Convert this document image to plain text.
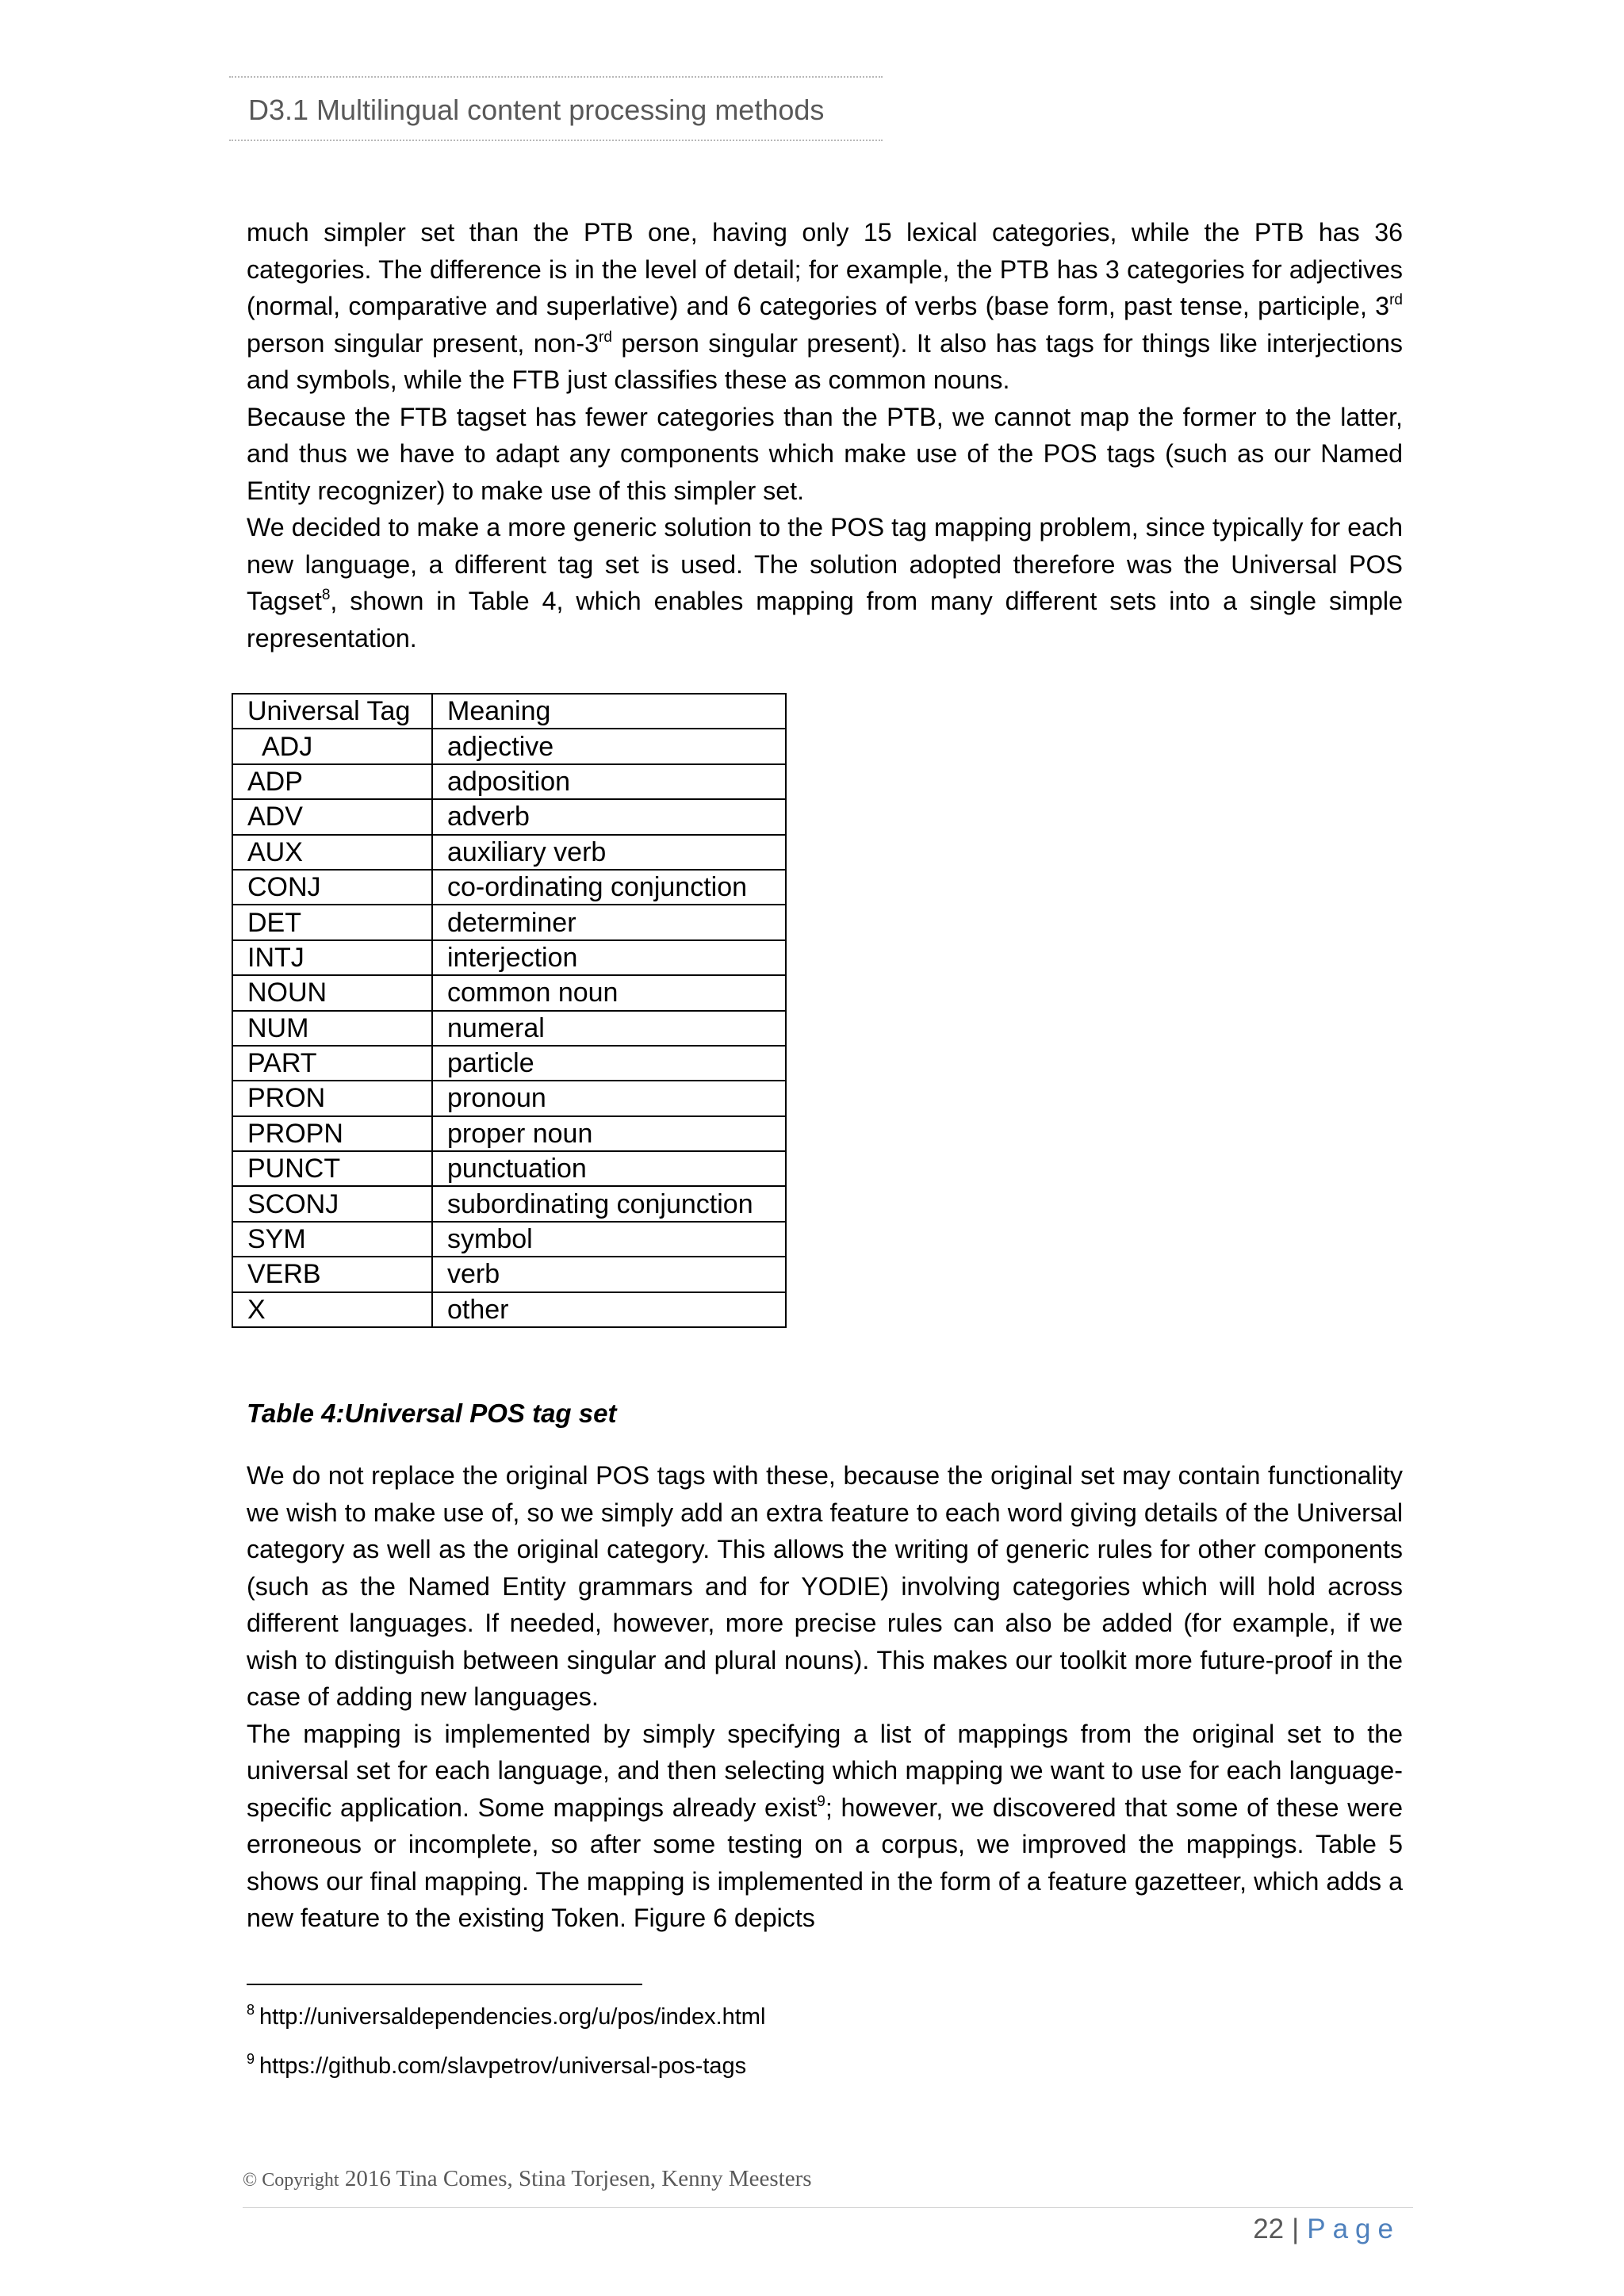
D3.1 Multilingual content processing methods

much simpler set than the PTB one, having only 15 lexical categories, while the PTB has 36 categories. The difference is in the level of detail; for example, the PTB has 3 categories for adjectives (normal, comparative and superlative) and 6 categories of verbs (base form, past tense, participle, 3rd person singular present, non-3rd person singular present). It also has tags for things like interjections and symbols, while the FTB just classifies these as common nouns.

Because the FTB tagset has fewer categories than the PTB, we cannot map the former to the latter, and thus we have to adapt any components which make use of the POS tags (such as our Named Entity recognizer) to make use of this simpler set.

We decided to make a more generic solution to the POS tag mapping problem, since typically for each new language, a different tag set is used. The solution adopted therefore was the Universal POS Tagset$^8$, shown in Table 4, which enables mapping from many different sets into a single simple representation.

Universal Tag	Meaning
ADJ	adjective
ADP	adposition
ADV	adverb
AUX	auxiliary verb
CONJ	co-ordinating conjunction
DET	determiner
INTJ	interjection
NOUN	common noun
NUM	numeral
PART	particle
PRON	pronoun
PROPN	proper noun
PUNCT	punctuation
SCONJ	subordinating conjunction
SYM	symbol
VERB	verb
X	other
Table 4:Universal POS tag set

We do not replace the original POS tags with these, because the original set may contain functionality we wish to make use of, so we simply add an extra feature to each word giving details of the Universal category as well as the original category. This allows the writing of generic rules for other components (such as the Named Entity grammars and for YODIE) involving categories which will hold across different languages. If needed, however, more precise rules can also be added (for example, if we wish to distinguish between singular and plural nouns). This makes our toolkit more future-proof in the case of adding new languages.

The mapping is implemented by simply specifying a list of mappings from the original set to the universal set for each language, and then selecting which mapping we want to use for each language-specific application. Some mappings already exist$^9$; however, we discovered that some of these were erroneous or incomplete, so after some testing on a corpus, we improved the mappings. Table 5 shows our final mapping. The mapping is implemented in the form of a feature gazetteer, which adds a new feature to the existing Token. Figure 6 depicts

$^8$ http://universaldependencies.org/u/pos/index.html
$^9$ https://github.com/slavpetrov/universal-pos-tags
© Copyright 2016 Tina Comes, Stina Torjesen, Kenny Meesters
22 | Page
